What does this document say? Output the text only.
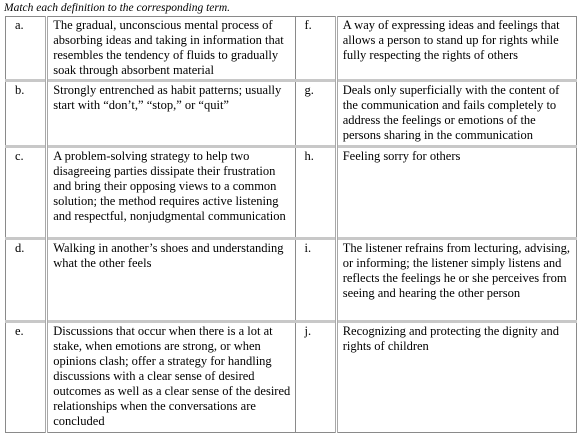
Match each definition to the corresponding term.
a.	The gradual, unconscious mental process of absorbing ideas and taking in information that resembles the tendency of fluids to gradually soak through absorbent material	f.	A way of expressing ideas and feelings that allows a person to stand up for rights while fully respecting the rights of others
b.	Strongly entrenched as habit patterns; usually start with “don’t,” “stop,” or “quit”	g.	Deals only superficially with the content of the communication and fails completely to address the feelings or emotions of the persons sharing in the communication
c.	A problem-solving strategy to help two disagreeing parties dissipate their frustration and bring their opposing views to a common solution; the method requires active listening and respectful, nonjudgmental communication	h.	Feeling sorry for others
d.	Walking in another’s shoes and understanding what the other feels	i.	The listener refrains from lecturing, advising, or informing; the listener simply listens and reflects the feelings he or she perceives from seeing and hearing the other person
e.	Discussions that occur when there is a lot at stake, when emotions are strong, or when opinions clash; offer a strategy for handling discussions with a clear sense of desired outcomes as well as a clear sense of the desired relationships when the conversations are concluded	j.	Recognizing and protecting the dignity and rights of children
